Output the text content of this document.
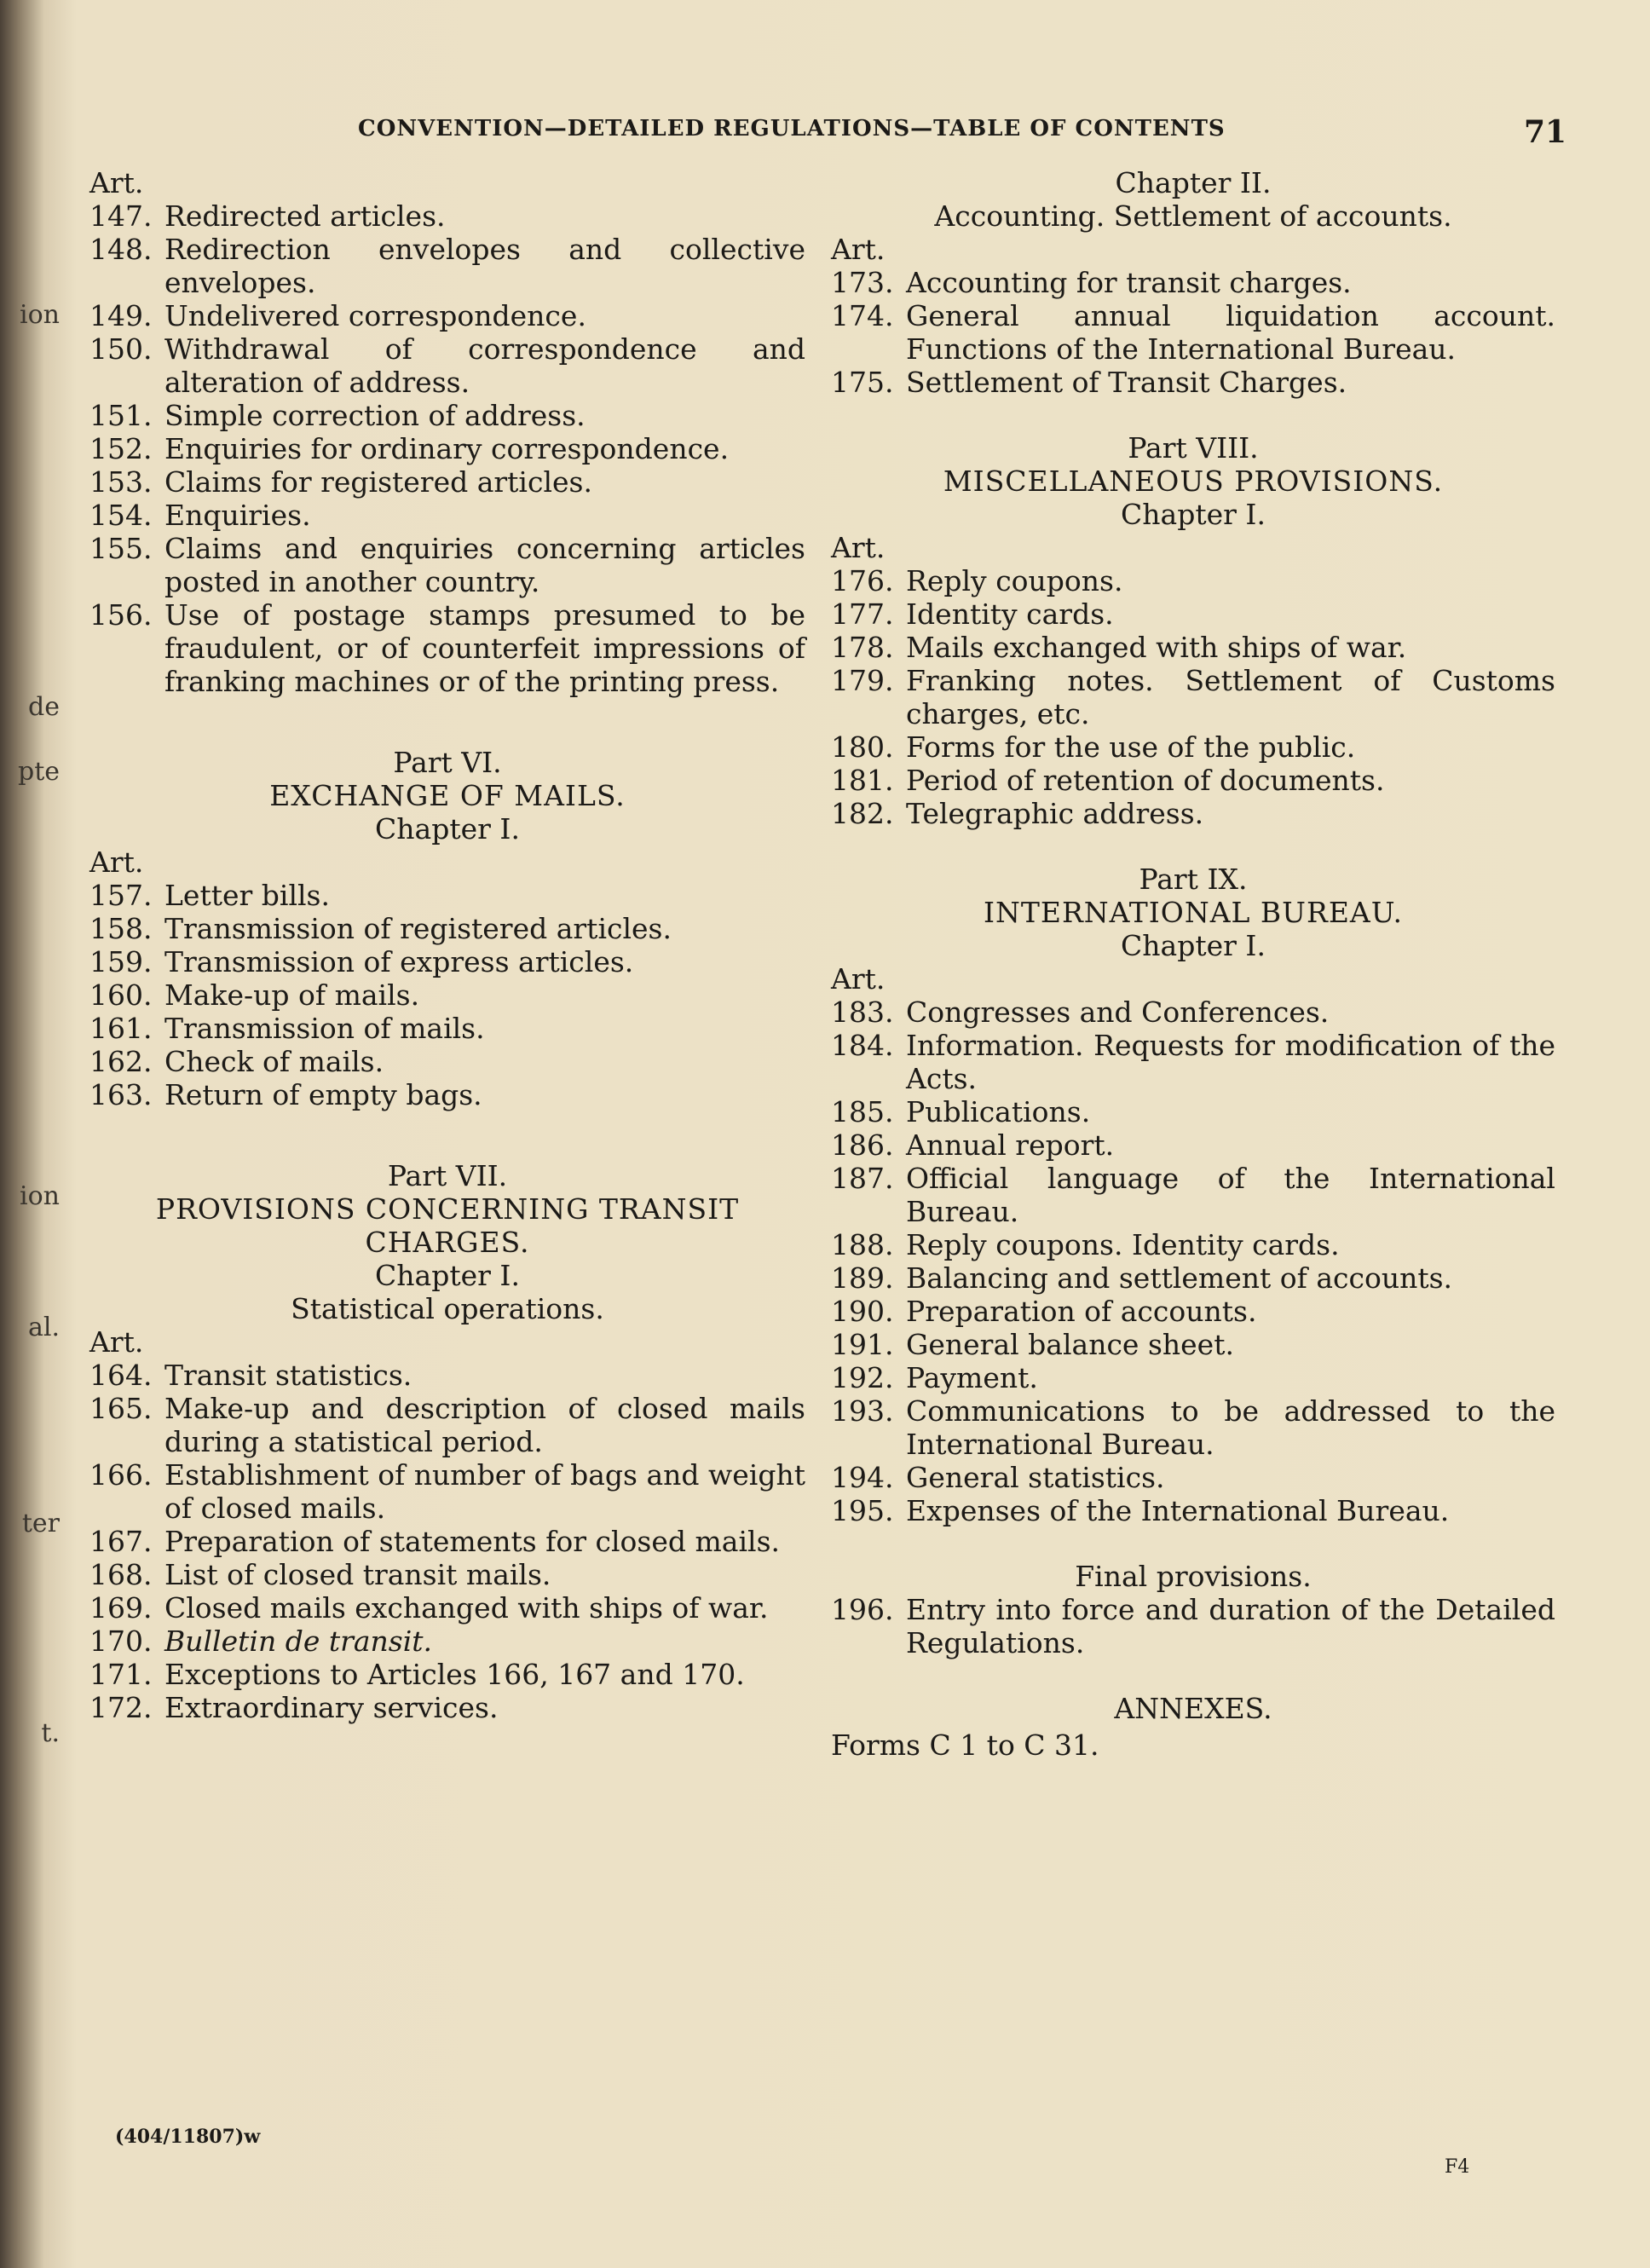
ion
de
pte
ion
al.
ter
t.
CONVENTION—DETAILED REGULATIONS—TABLE OF CONTENTS	71
Art.
147. Redirected articles.
148. Redirection envelopes and collective envelopes.
149. Undelivered correspondence.
150. Withdrawal of correspondence and alteration of address.
151. Simple correction of address.
152. Enquiries for ordinary correspondence.
153. Claims for registered articles.
154. Enquiries.
155. Claims and enquiries concerning articles posted in another country.
156. Use of postage stamps presumed to be fraudulent, or of counterfeit impressions of franking machines or of the printing press.
Part VI.
EXCHANGE OF MAILS.
Chapter I.
Art.
157. Letter bills.
158. Transmission of registered articles.
159. Transmission of express articles.
160. Make-up of mails.
161. Transmission of mails.
162. Check of mails.
163. Return of empty bags.
Part VII.
PROVISIONS CONCERNING TRANSIT CHARGES.
Chapter I.
Statistical operations.
Art.
164. Transit statistics.
165. Make-up and description of closed mails during a statistical period.
166. Establishment of number of bags and weight of closed mails.
167. Preparation of statements for closed mails.
168. List of closed transit mails.
169. Closed mails exchanged with ships of war.
170. Bulletin de transit.
171. Exceptions to Articles 166, 167 and 170.
172. Extraordinary services.
Chapter II.
Accounting. Settlement of accounts.
Art.
173. Accounting for transit charges.
174. General annual liquidation account. Functions of the International Bureau.
175. Settlement of Transit Charges.
Part VIII.
MISCELLANEOUS PROVISIONS.
Chapter I.
Art.
176. Reply coupons.
177. Identity cards.
178. Mails exchanged with ships of war.
179. Franking notes. Settlement of Customs charges, etc.
180. Forms for the use of the public.
181. Period of retention of documents.
182. Telegraphic address.
Part IX.
INTERNATIONAL BUREAU.
Chapter I.
Art.
183. Congresses and Conferences.
184. Information. Requests for modification of the Acts.
185. Publications.
186. Annual report.
187. Official language of the International Bureau.
188. Reply coupons. Identity cards.
189. Balancing and settlement of accounts.
190. Preparation of accounts.
191. General balance sheet.
192. Payment.
193. Communications to be addressed to the International Bureau.
194. General statistics.
195. Expenses of the International Bureau.
Final provisions.
196. Entry into force and duration of the Detailed Regulations.
ANNEXES.
Forms C 1 to C 31.
(404/11807)w
F4
